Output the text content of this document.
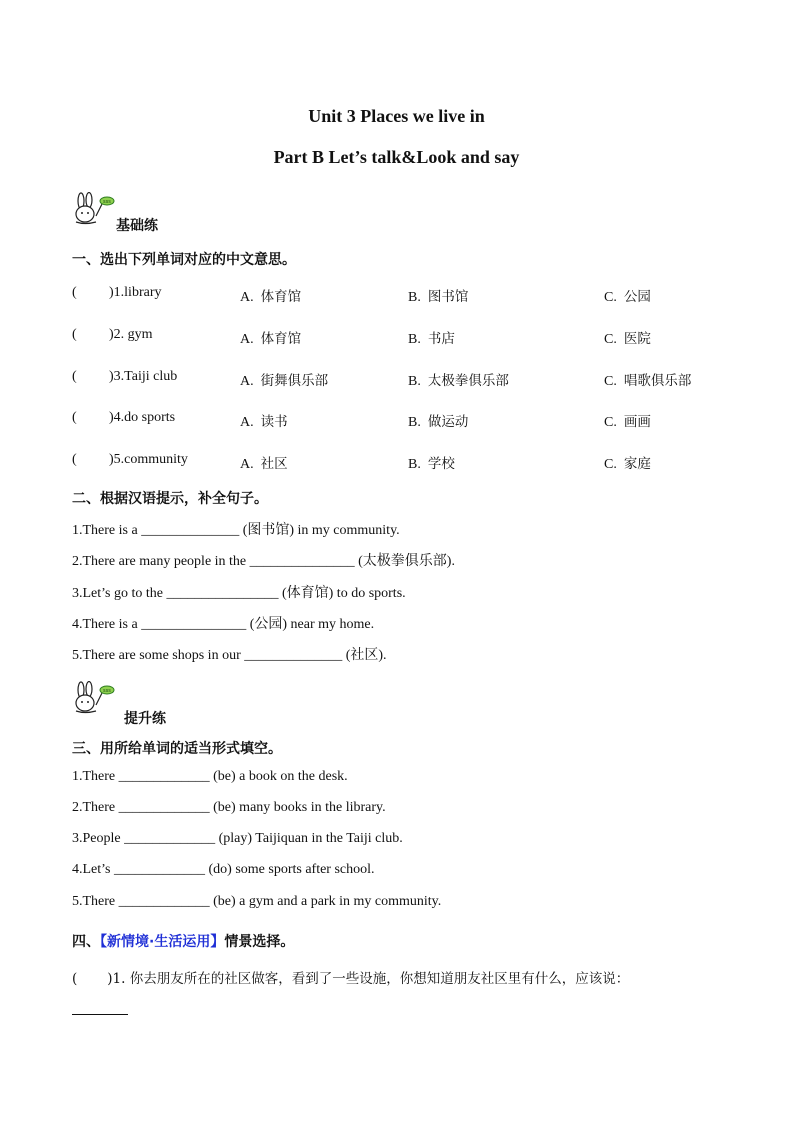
Unit 3 Places we live in
Part B Let’s talk&Look and say
sss
基础练
一、选出下列单词对应的中文意思。
( )1.library	A. 体育馆	B. 图书馆	C. 公园
( )2. gym	A. 体育馆	B. 书店	C. 医院
( )3.Taiji club	A. 街舞俱乐部	B. 太极拳俱乐部	C. 唱歌俱乐部
( )4.do sports	A. 读书	B. 做运动	C. 画画
( )5.community	A. 社区	B. 学校	C. 家庭
二、根据汉语提示，补全句子。
1.There is a ______________ (图书馆) in my community.
2.There are many people in the _______________ (太极拳俱乐部).
3.Let’s go to the ________________ (体育馆) to do sports.
4.There is a _______________ (公园) near my home.
5.There are some shops in our ______________ (社区).
sss
提升练
三、用所给单词的适当形式填空。
1.There _____________ (be) a book on the desk.
2.There _____________ (be) many books in the library.
3.People _____________ (play) Taijiquan in the Taiji club.
4.Let’s _____________ (do) some sports after school.
5.There _____________ (be) a gym and a park in my community.
四、【新情境·生活运用】情景选择。
( )1. 你去朋友所在的社区做客，看到了一些设施，你想知道朋友社区里有什么，应该说：
